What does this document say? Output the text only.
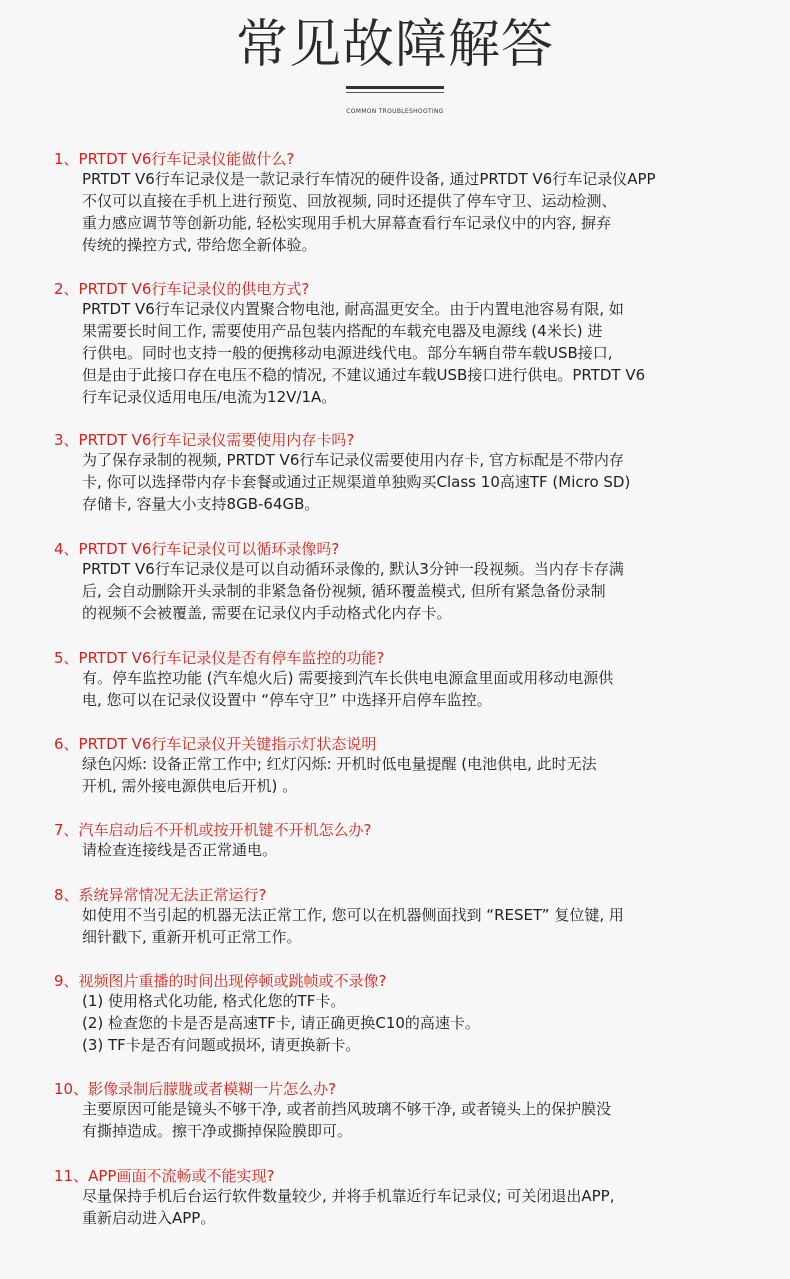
常见故障解答
COMMON TROUBLESHOOTING
1、PRTDT V6行车记录仪能做什么?
PRTDT V6行车记录仪是一款记录行车情况的硬件设备, 通过PRTDT V6行车记录仪APP
不仅可以直接在手机上进行预览、回放视频, 同时还提供了停车守卫、运动检测、
重力感应调节等创新功能, 轻松实现用手机大屏幕查看行车记录仪中的内容, 摒弃
传统的操控方式, 带给您全新体验。
2、PRTDT V6行车记录仪的供电方式?
PRTDT V6行车记录仪内置聚合物电池, 耐高温更安全。由于内置电池容易有限, 如
果需要长时间工作, 需要使用产品包装内搭配的车载充电器及电源线 (4米长) 进
行供电。同时也支持一般的便携移动电源进线代电。部分车辆自带车载USB接口,
但是由于此接口存在电压不稳的情况, 不建议通过车载USB接口进行供电。PRTDT V6
行车记录仪适用电压/电流为12V/1A。
3、PRTDT V6行车记录仪需要使用内存卡吗?
为了保存录制的视频, PRTDT V6行车记录仪需要使用内存卡, 官方标配是不带内存
卡, 你可以选择带内存卡套餐或通过正规渠道单独购买Class 10高速TF (Micro SD)
存储卡, 容量大小支持8GB-64GB。
4、PRTDT V6行车记录仪可以循环录像吗?
PRTDT V6行车记录仪是可以自动循环录像的, 默认3分钟一段视频。当内存卡存满
后, 会自动删除开头录制的非紧急备份视频, 循环覆盖模式, 但所有紧急备份录制
的视频不会被覆盖, 需要在记录仪内手动格式化内存卡。
5、PRTDT V6行车记录仪是否有停车监控的功能?
有。停车监控功能 (汽车熄火后) 需要接到汽车长供电电源盒里面或用移动电源供
电, 您可以在记录仪设置中 “停车守卫” 中选择开启停车监控。
6、PRTDT V6行车记录仪开关键指示灯状态说明
绿色闪烁: 设备正常工作中; 红灯闪烁: 开机时低电量提醒 (电池供电, 此时无法
开机, 需外接电源供电后开机) 。
7、汽车启动后不开机或按开机键不开机怎么办?
请检查连接线是否正常通电。
8、系统异常情况无法正常运行?
如使用不当引起的机器无法正常工作, 您可以在机器侧面找到 “RESET” 复位键, 用
细针戳下, 重新开机可正常工作。
9、视频图片重播的时间出现停顿或跳帧或不录像?
(1) 使用格式化功能, 格式化您的TF卡。
(2) 检查您的卡是否是高速TF卡, 请正确更换C10的高速卡。
(3) TF卡是否有问题或损坏, 请更换新卡。
10、影像录制后朦胧或者模糊一片怎么办?
主要原因可能是镜头不够干净, 或者前挡风玻璃不够干净, 或者镜头上的保护膜没
有撕掉造成。擦干净或撕掉保险膜即可。
11、APP画面不流畅或不能实现?
尽量保持手机后台运行软件数量较少, 并将手机靠近行车记录仪; 可关闭退出APP,
重新启动进入APP。
